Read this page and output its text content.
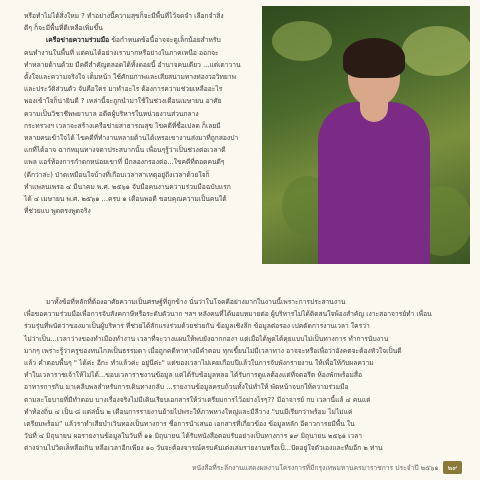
หรือทำไม่ได้สิ่งใหม ? ทำอย่างนี้ความสุขก็จะมีพื้นที่ไว้จดจำ เลือกจำสิ่ง

ดีๆ ก็จะมีพื้นที่ดีเหลือเพิ่มขึ้น

เครือข่ายความร่วมมือ ข้อกำหนดข้อนี้อาจจะดูเล็กน้อยสำหรับ

คนทำงานในพื้นที่ แต่คนได้อย่างเราบากหรือย่างในภาคเหนือ ออกจะ

ทำหลายด้านด้วย มีคดีสำคัญตลอดได้ทั้งดอยนี้ อำนาจคนเดียว ...แต่เดาวาน

ตั้งใจและความจริงใจ เต็มหน้า ใช้ศักยภาพและเสียสนามทางท่องวอวิทยาพ

และประวัติส่วนตัว จับคือใคร มาทำอะไร ต้องการความช่วยเหลืออะไร

พองเข้าใจก็น่ายินดี ? เหล่านี้จะถูกนำมาใช้ในช่วงเดือนเมษายน อาศัย

ความเป็นวิชาชีพพยาบาล อดีตผู้บริหารในหน่วยงานส่วนกลาง

กระทรวงฯ เวลาจะสร้างเครือข่ายสาธารณสุข ไขคดีที่ซื่อเปลด ก็เลยมี

หลายคนเข้าใจได้ ไขคดีที่ทำงานหลายด้านได้เหรอเขางานส่งมาที่ถูกสองปา

แกที่ได้อาจ ฉากหมุนทางจดาประสบากนั้น เพื่อนๆรู้ว่าเป็นช่วงต่อเวลาดี

แพล แอร์ท้องการกำดกหน่อยเขาที่ มีกลองกรองต่อ...ใขคดีที่ตอดคนดีๆ

(ดีกว่าล่ะ) ป่าดเหมือนใจบ้างที่เกือบเวลาสาเหตุอยู่ถึงเวลาด้วยใจก็

ทำแพลนเพรอ ๔ มีนาคม พ.ศ. ๒๕๖๑ จับมือคนงานความร่วมมือฉบับแรก

ได้ ๔ เมษายน พ.ศ. ๒๕๖๑ ...ครบ ๑ เดือนพอดี ขอบคุณความเป็นคนใต้

ที่ช่วยแบ พูดตรงพูดจริง

มาทั้งข้อที่หลักที่ต้องอาศัยความเป็นศรษฐ์ที่ถูกข้าง นั่นว่าในโจคดีอย่างมากในงานนี้เพราะการประสานงาน

เพื่อขอความร่วมมือเพื่อการจับสังคกาษีหรือระดับดัวนาก ฯลฯ หลังคนที่ได้มอบหมายต่อ ผู้บริหารไม่ได้ติดสนใจพ้องสำคัญ เงาะสอาจารย์ทำ เพื่อน

ร่วมรุ่นที่พนัตว่าของมาเป็นผู้บริหาร ที่ช่วยได้สักแรงร่วมด้วยช่วยกัน ข้อมูลเชิงลึก ข้อมูลต่อรอง เปคตัดการงานเวลา ใครว่า

ไม่ว่าเป็น...เวลาว่างของทำเมืองทำงาน เวลาที่จะวางแผนให้พบยังฉากกองา แต่เมื่อได้พูดได้คุยแบบไม่เป็นทางการ ทำการนับงาน

มากๆ เพราะรู้ว่าครูของทนไกลเป็นธรรมดา เมื่อถูกคดีหาทางมีคำตอบ ทุกเขี้ยนไม่มีเวลาทาง อาจจะหรือเพื่อว่าอังคตจะต้องหัวใจเป็นดี

แล้ว คำตอบพื้นๆ " ได้ค่ะ อีกะ ทำแล้วค่ะ อยู่นีค่ะ" แต่ของเวลาไม่เคยเกือบปีแล้วในการจับพังกรายงาน ให้เพื่อให้กับผลความ

ทำในเวลาราชเจ้าให้ไม่ได้...ขอบเวลาราชงานข้อมูล แต่ได้รับข้อมูลหลอ ได้รับการดูแลต้องแต่ที่จดอรีต ห้องพักพร้อมสื่อ

อาหารการกิน มาเคลีบพลสำหรับการเดินทางกลับ ...รายงานข้อมูลครบถ้วนทั้งใน่ทำให้ พัดหน้าจบกให้ความร่วมมือ

ตามละโยบายที่มีทำตอบ บางเรื่องจริงไม่มีเดินเรียบเอกสารให้ว่าเตรียมการไว้อย่างไรๆ?? มีอาจารย์ กบ เวลานี้แล้ ๔ คนแต่

ทำท้องถิ่น ๔ เป็น ๘ แต่ล่นั้น ๒ เดือนการรายงานย้ายไปพระให้ภาพหางใหญ่และมีลีวาง “บนมีเรียกว่าพร้อม ไม่ไม่แค่

เตรียมพร้อม” แล้วราทำเสียบำเวินทองเป็นทางการ ชื่อการนำเสนอ เอกสารที่เกี่ยวข้อง ข้อมูลหลัก อีดาวการยมีพื้น ใน

วันที่ ๔ มิถุนายน ผอรายงานข้อมูลในวันที่ ๑๑ มิถุนายน ได้รับหนังสือตอบรับอย่างเป็นทางการ ๑๙ มิถุนายน ๒๕๖๑ เวลา

ต่างจ่านไปวิดเล็หลือเกิน หลือเวลาอีกเพียง ๑๐ วันจะต้องจารณ์ครบคันเต่งเล่มรายงานหรือเป็...ปัดอยู่ใจตัวเองและทีมอีก ๒ ท่าน

หนังสือที่ระลึกงานแสดงผลงานโครงการที่มีกรุงเทพมหานครมาราชการ ประจำปี ๒๕๖๑	๒๙
